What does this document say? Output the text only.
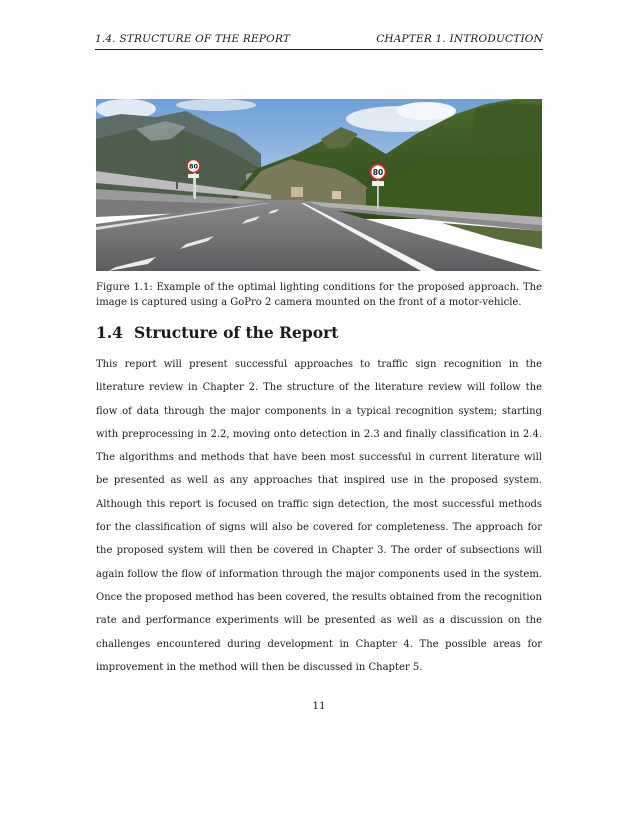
1.4. STRUCTURE OF THE REPORT	CHAPTER 1. INTRODUCTION
80
80
Figure 1.1: Example of the optimal lighting conditions for the proposed approach. The image is captured using a GoPro 2 camera mounted on the front of a motor-vehicle.
1.4 Structure of the Report
This report will present successful approaches to traffic sign recognition in the literature review in Chapter 2. The structure of the literature review will follow the flow of data through the major components in a typical recognition system; starting with preprocessing in 2.2, moving onto detection in 2.3 and finally classification in 2.4. The algorithms and methods that have been most successful in current literature will be presented as well as any approaches that inspired use in the proposed system. Although this report is focused on traffic sign detection, the most successful methods for the classification of signs will also be covered for completeness. The approach for the proposed system will then be covered in Chapter 3. The order of subsections will again follow the flow of information through the major components used in the system. Once the proposed method has been covered, the results obtained from the recognition rate and performance experiments will be presented as well as a discussion on the challenges encountered during development in Chapter 4. The possible areas for improvement in the method will then be discussed in Chapter 5.
11
